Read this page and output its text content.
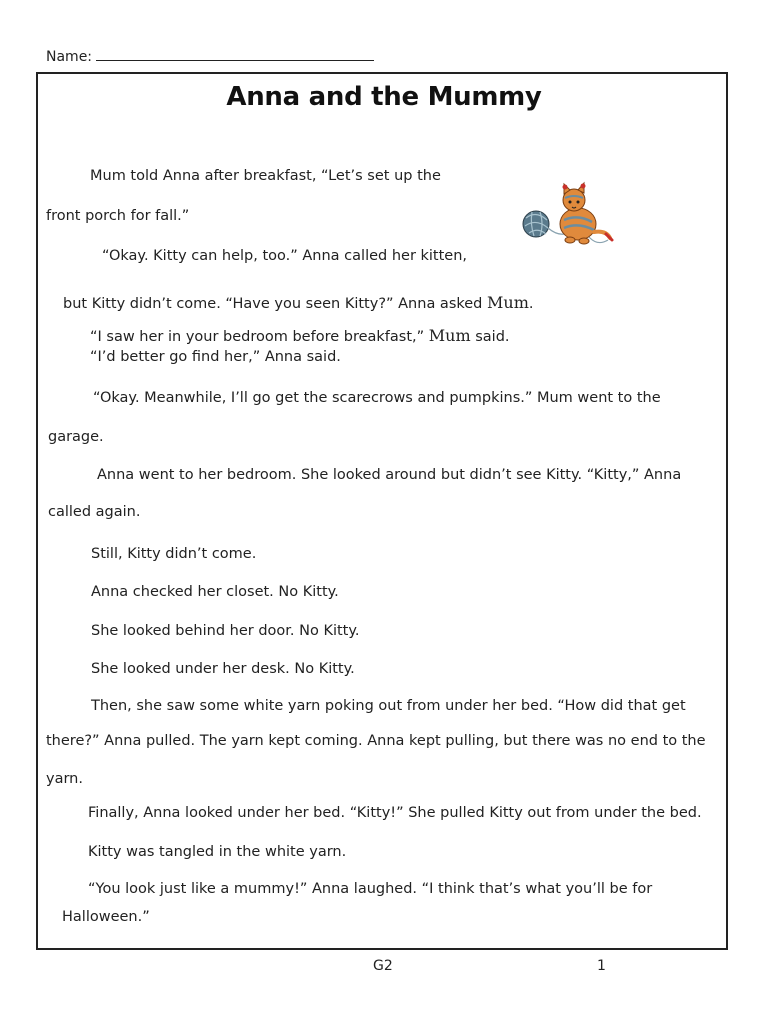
Name:
Anna and the Mummy
Mum told Anna after breakfast, “Let’s set up the
front porch for fall.”
“Okay. Kitty can help, too.” Anna called her kitten,
but Kitty didn’t come. “Have you seen Kitty?” Anna asked Mum.
“I saw her in your bedroom before breakfast,” Mum said.
“I’d better go find her,” Anna said.
“Okay. Meanwhile, I’ll go get the scarecrows and pumpkins.” Mum went to the
garage.
Anna went to her bedroom. She looked around but didn’t see Kitty. “Kitty,” Anna
called again.
Still, Kitty didn’t come.
Anna checked her closet. No Kitty.
She looked behind her door. No Kitty.
She looked under her desk. No Kitty.
Then, she saw some white yarn poking out from under her bed. “How did that get
there?” Anna pulled. The yarn kept coming. Anna kept pulling, but there was no end to the
yarn.
Finally, Anna looked under her bed. “Kitty!” She pulled Kitty out from under the bed.
Kitty was tangled in the white yarn.
“You look just like a mummy!” Anna laughed. “I think that’s what you’ll be for
Halloween.”
G2	1
